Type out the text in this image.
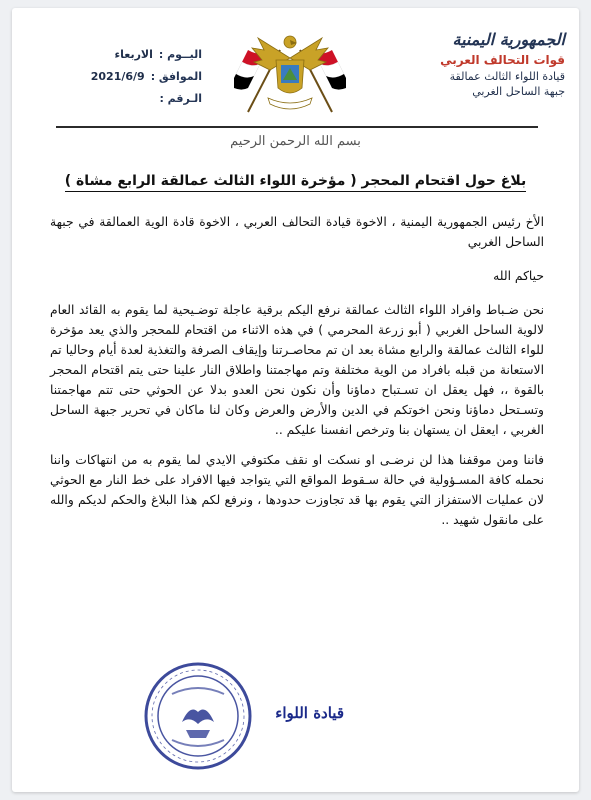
الجمهورية اليمنية
قوات التحالف العربي
قيادة اللواء الثالث عمالقة
جبهة الساحل الغربي
اليــوم :
الاربعاء
الموافق :
2021/6/9
الـرقم :
بسم الله الرحمن الرحيم
بلاغ حول اقتحام المحجر ( مؤخرة اللواء الثالث عمالقة الرابع مشاة )

الأخ رئيس الجمهورية اليمنية ، الاخوة قيادة التحالف العربي ، الاخوة قادة الوية العمالقة في جبهة الساحل الغربي

حياكم الله

نحن ضـباط وافراد اللواء الثالث عمالقة نرفع اليكم برقية عاجلة توضـيحية لما يقوم به القائد العام لالوية الساحل الغربي ( أبو زرعة المحرمي ) في هذه الاثناء من اقتحام للمحجر والذي يعد مؤخرة للواء الثالث عمالقة والرابع مشاة بعد ان تم محاصـرتنا وإيقاف الصرفة والتغذية لعدة أيام وحاليا تم الاستعانة من قبله بافراد من الوية مختلفة وتم مهاجمتنا واطلاق النار علينا حتى يتم اقتحام المحجر بالقوة ،، فهل يعقل ان تسـتباح دماؤنا وأن نكون نحن العدو بدلا عن الحوثي حتى تتم مهاجمتنا وتسـتحل دماؤنا ونحن اخوتكم في الدين والأرض والعرض وكان لنا ماكان في تحرير جبهة الساحل الغربي ، ايعقل ان يستهان بنا وترخص انفسنا عليكم ..

فاننا ومن موقفنا هذا لن نرضـى او نسكت او نقف مكتوفي الايدي لما يقوم به من انتهاكات واننا نحمله كافة المسـؤولية في حالة سـقوط المواقع التي يتواجد فيها الافراد على خط النار مع الحوثي لان عمليات الاستفزاز التي يقوم بها قد تجاوزت حدودها ، ونرفع لكم هذا البلاغ والحكم لديكم والله على مانقول شهيد ..

قيادة اللواء
